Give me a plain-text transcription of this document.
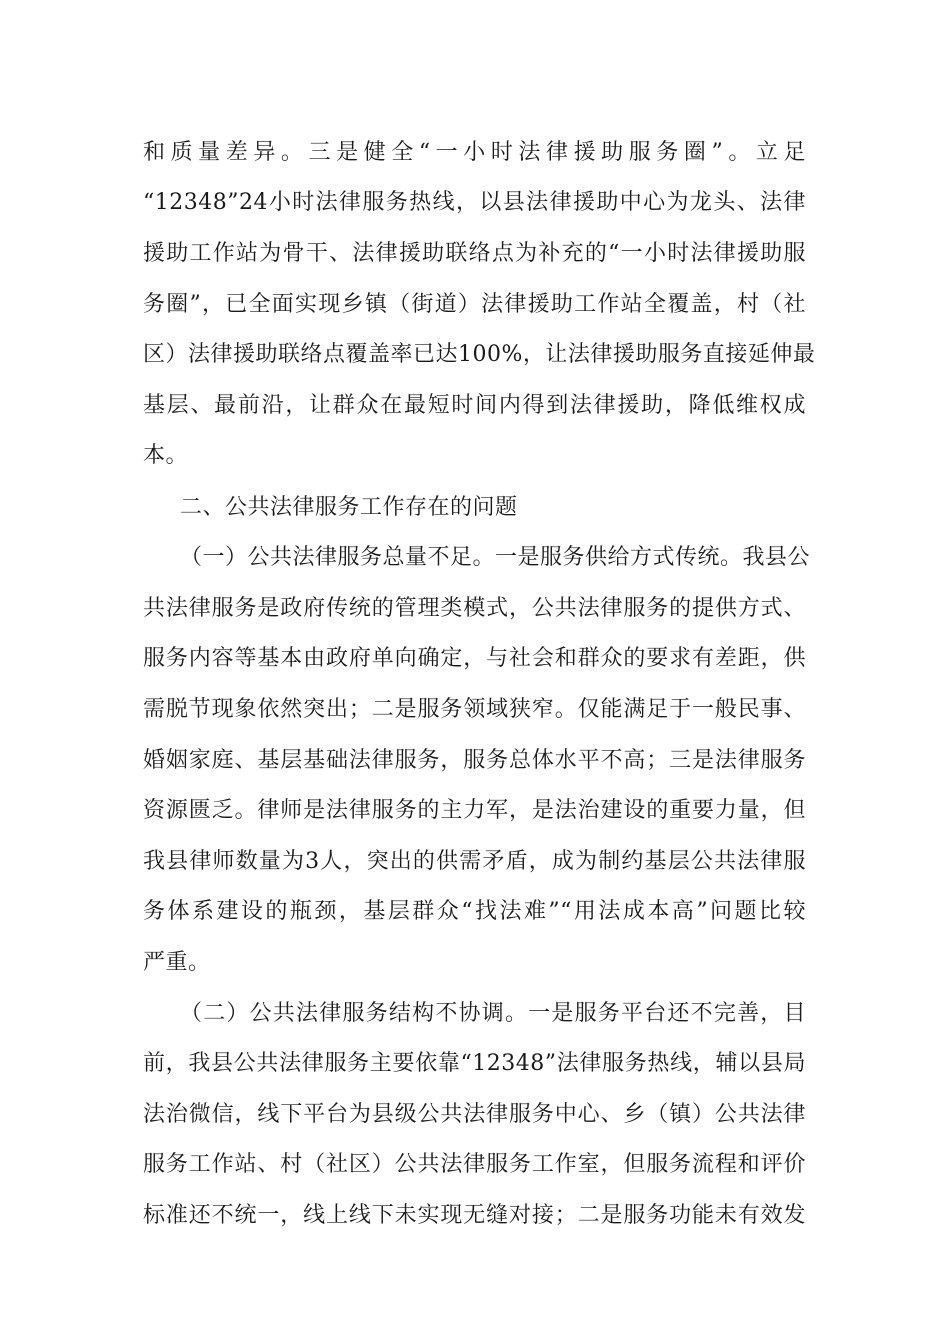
和质量差异。三是健全“一小时法律援助服务圈”。立足
“12348”24小时法律服务热线，以县法律援助中心为龙头、法律
援助工作站为骨干、法律援助联络点为补充的“一小时法律援助服
务圈”，已全面实现乡镇（街道）法律援助工作站全覆盖，村（社
区）法律援助联络点覆盖率已达100%，让法律援助服务直接延伸最
基层、最前沿，让群众在最短时间内得到法律援助，降低维权成
本。
二、公共法律服务工作存在的问题
（一）公共法律服务总量不足。一是服务供给方式传统。我县公
共法律服务是政府传统的管理类模式，公共法律服务的提供方式、
服务内容等基本由政府单向确定，与社会和群众的要求有差距，供
需脱节现象依然突出；二是服务领域狭窄。仅能满足于一般民事、
婚姻家庭、基层基础法律服务，服务总体水平不高；三是法律服务
资源匮乏。律师是法律服务的主力军，是法治建设的重要力量，但
我县律师数量为3人，突出的供需矛盾，成为制约基层公共法律服
务体系建设的瓶颈，基层群众“找法难”“用法成本高”问题比较
严重。
（二）公共法律服务结构不协调。一是服务平台还不完善，目
前，我县公共法律服务主要依靠“12348”法律服务热线，辅以县局
法治微信，线下平台为县级公共法律服务中心、乡（镇）公共法律
服务工作站、村（社区）公共法律服务工作室，但服务流程和评价
标准还不统一，线上线下未实现无缝对接；二是服务功能未有效发
